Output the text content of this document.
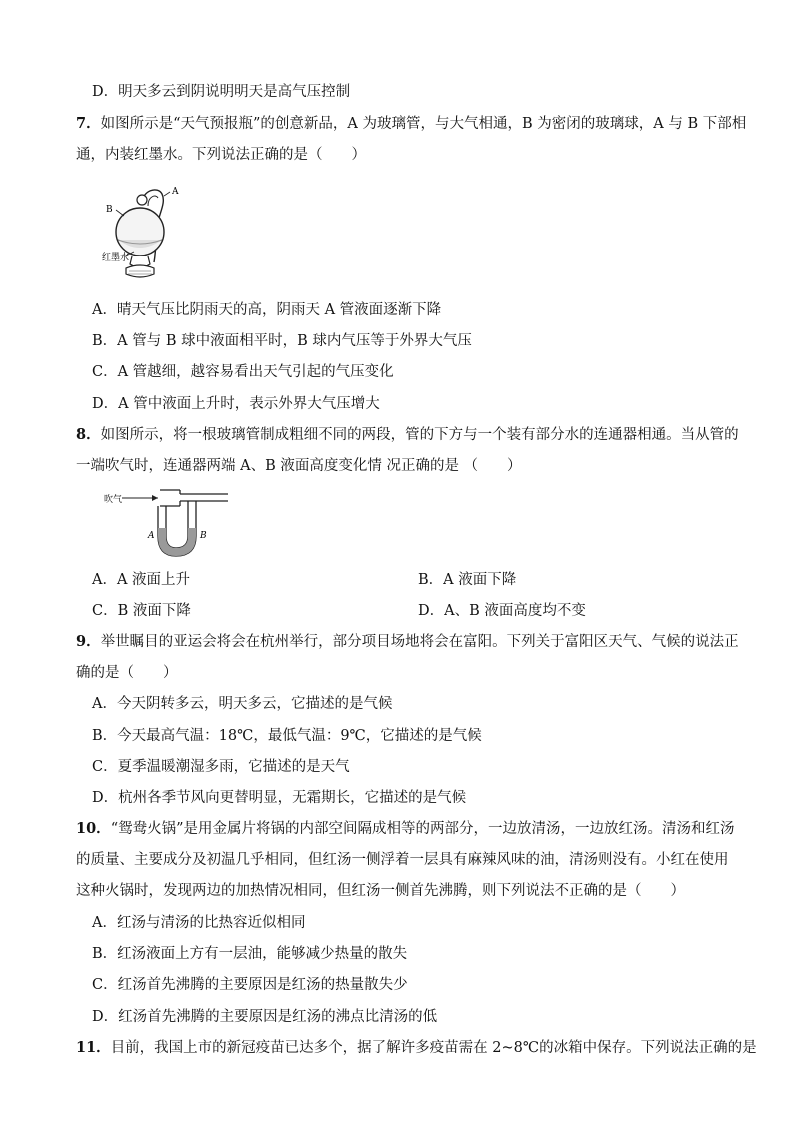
D．明天多云到阴说明明天是高气压控制
7．如图所示是“天气预报瓶”的创意新品，A 为玻璃管，与大气相通，B 为密闭的玻璃球，A 与 B 下部相
通，内装红墨水。下列说法正确的是（　　）
A
B
红墨水
A．晴天气压比阴雨天的高，阴雨天 A 管液面逐渐下降
B．A 管与 B 球中液面相平时，B 球内气压等于外界大气压
C．A 管越细，越容易看出天气引起的气压变化
D．A 管中液面上升时，表示外界大气压增大
8．如图所示，将一根玻璃管制成粗细不同的两段，管的下方与一个装有部分水的连通器相通。当从管的
一端吹气时，连通器两端 A、B 液面高度变化情 况正确的是 （　　）
吹气
A	B
A．A 液面上升	B．A 液面下降
C．B 液面下降	D．A、B 液面高度均不变
9．举世瞩目的亚运会将会在杭州举行，部分项目场地将会在富阳。下列关于富阳区天气、气候的说法正
确的是（　　）
A．今天阴转多云，明天多云，它描述的是气候
B．今天最高气温：18℃，最低气温：9℃，它描述的是气候
C．夏季温暖潮湿多雨，它描述的是天气
D．杭州各季节风向更替明显，无霜期长，它描述的是气候
10．“鸳鸯火锅”是用金属片将锅的内部空间隔成相等的两部分，一边放清汤，一边放红汤。清汤和红汤
的质量、主要成分及初温几乎相同，但红汤一侧浮着一层具有麻辣风味的油，清汤则没有。小红在使用
这种火锅时，发现两边的加热情况相同，但红汤一侧首先沸腾，则下列说法不正确的是（　　）
A．红汤与清汤的比热容近似相同
B．红汤液面上方有一层油，能够减少热量的散失
C．红汤首先沸腾的主要原因是红汤的热量散失少
D．红汤首先沸腾的主要原因是红汤的沸点比清汤的低
11．目前，我国上市的新冠疫苗已达多个，据了解许多疫苗需在 2~8℃的冰箱中保存。下列说法正确的是
